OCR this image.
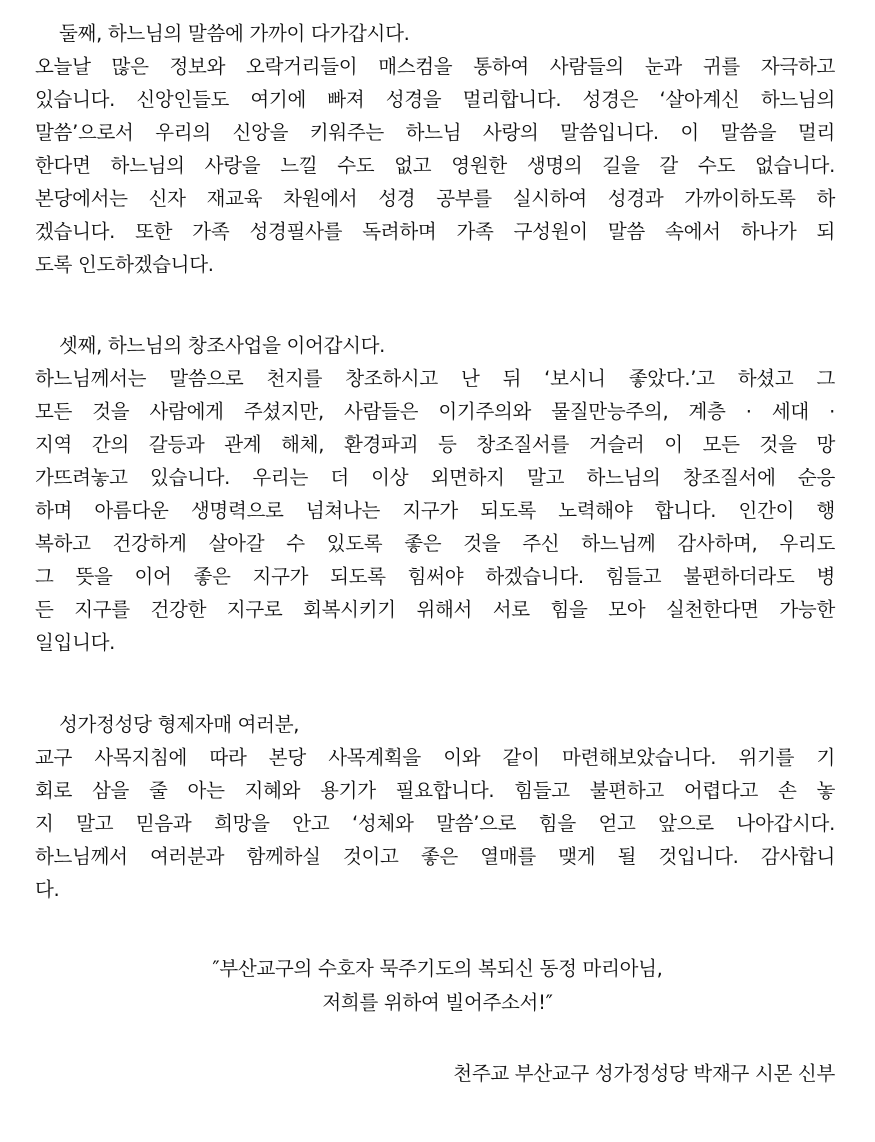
둘째, 하느님의 말씀에 가까이 다가갑시다.
오늘날 많은 정보와 오락거리들이 매스컴을 통하여 사람들의 눈과 귀를 자극하고
있습니다. 신앙인들도 여기에 빠져 성경을 멀리합니다. 성경은 ‘살아계신 하느님의
말씀’으로서 우리의 신앙을 키워주는 하느님 사랑의 말씀입니다. 이 말씀을 멀리
한다면 하느님의 사랑을 느낄 수도 없고 영원한 생명의 길을 갈 수도 없습니다.
본당에서는 신자 재교육 차원에서 성경 공부를 실시하여 성경과 가까이하도록 하
겠습니다. 또한 가족 성경필사를 독려하며 가족 구성원이 말씀 속에서 하나가 되
도록 인도하겠습니다.
셋째, 하느님의 창조사업을 이어갑시다.
하느님께서는 말씀으로 천지를 창조하시고 난 뒤 ‘보시니 좋았다.’고 하셨고 그
모든 것을 사람에게 주셨지만, 사람들은 이기주의와 물질만능주의, 계층 · 세대 ·
지역 간의 갈등과 관계 해체, 환경파괴 등 창조질서를 거슬러 이 모든 것을 망
가뜨려놓고 있습니다. 우리는 더 이상 외면하지 말고 하느님의 창조질서에 순응
하며 아름다운 생명력으로 넘쳐나는 지구가 되도록 노력해야 합니다. 인간이 행
복하고 건강하게 살아갈 수 있도록 좋은 것을 주신 하느님께 감사하며, 우리도
그 뜻을 이어 좋은 지구가 되도록 힘써야 하겠습니다. 힘들고 불편하더라도 병
든 지구를 건강한 지구로 회복시키기 위해서 서로 힘을 모아 실천한다면 가능한
일입니다.
성가정성당 형제자매 여러분,
교구 사목지침에 따라 본당 사목계획을 이와 같이 마련해보았습니다. 위기를 기
회로 삼을 줄 아는 지혜와 용기가 필요합니다. 힘들고 불편하고 어렵다고 손 놓
지 말고 믿음과 희망을 안고 ‘성체와 말씀’으로 힘을 얻고 앞으로 나아갑시다.
하느님께서 여러분과 함께하실 것이고 좋은 열매를 맺게 될 것입니다. 감사합니
다.
″부산교구의 수호자 묵주기도의 복되신 동정 마리아님,
저희를 위하여 빌어주소서!″
천주교 부산교구 성가정성당 박재구 시몬 신부
